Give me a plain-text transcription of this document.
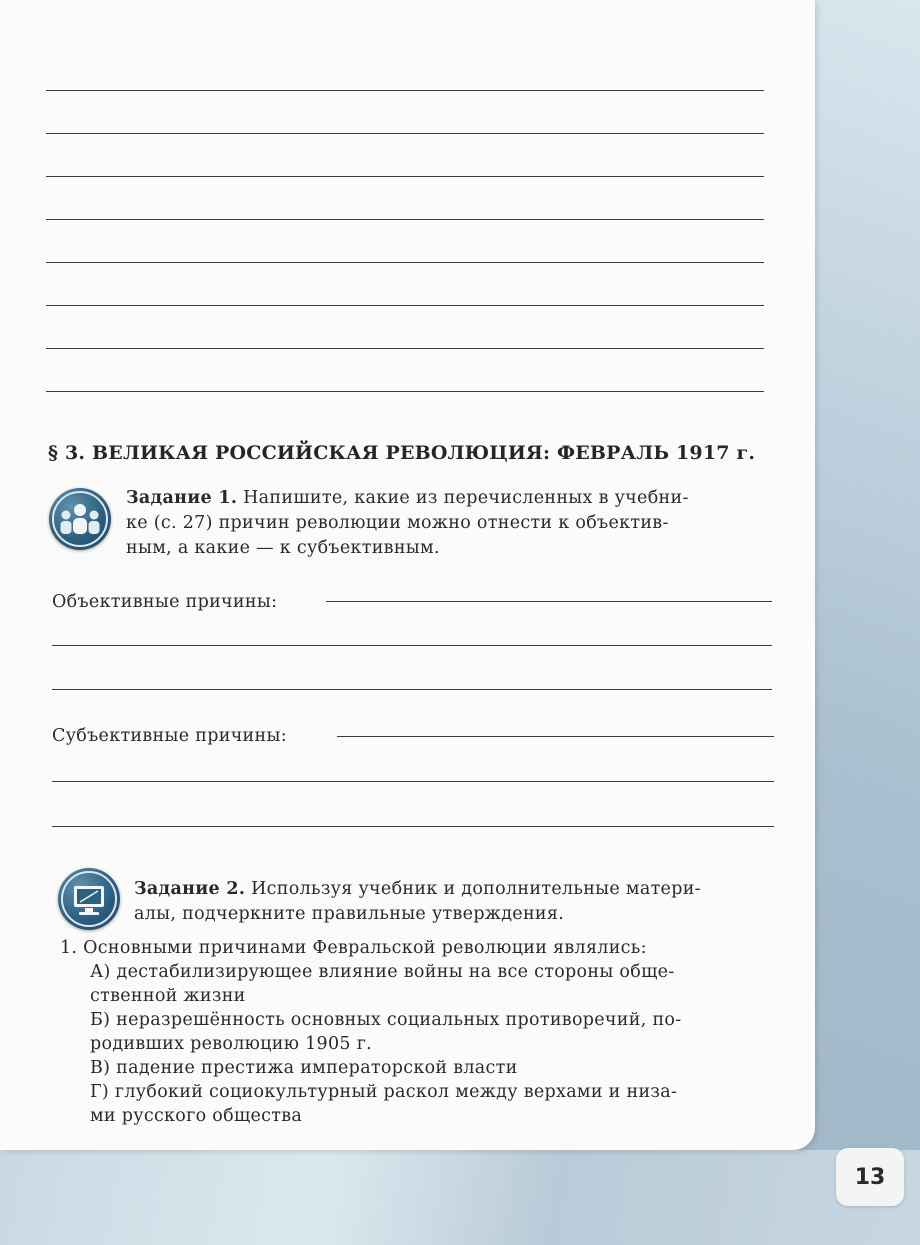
§ 3. ВЕЛИКАЯ РОССИЙСКАЯ РЕВОЛЮЦИЯ: ФЕВРАЛЬ 1917 г.
Задание 1. Напишите, какие из перечисленных в учебни-
ке (с. 27) причин революции можно отнести к объектив-
ным, а какие — к субъективным.
Объективные причины:
Субъективные причины:
Задание 2. Используя учебник и дополнительные матери-
алы, подчеркните правильные утверждения.
1. Основными причинами Февральской революции являлись:
А) дестабилизирующее влияние войны на все стороны обще-
ственной жизни
Б) неразрешённость основных социальных противоречий, по-
родивших революцию 1905 г.
В) падение престижа императорской власти
Г) глубокий социокультурный раскол между верхами и низа-
ми русского общества
13
